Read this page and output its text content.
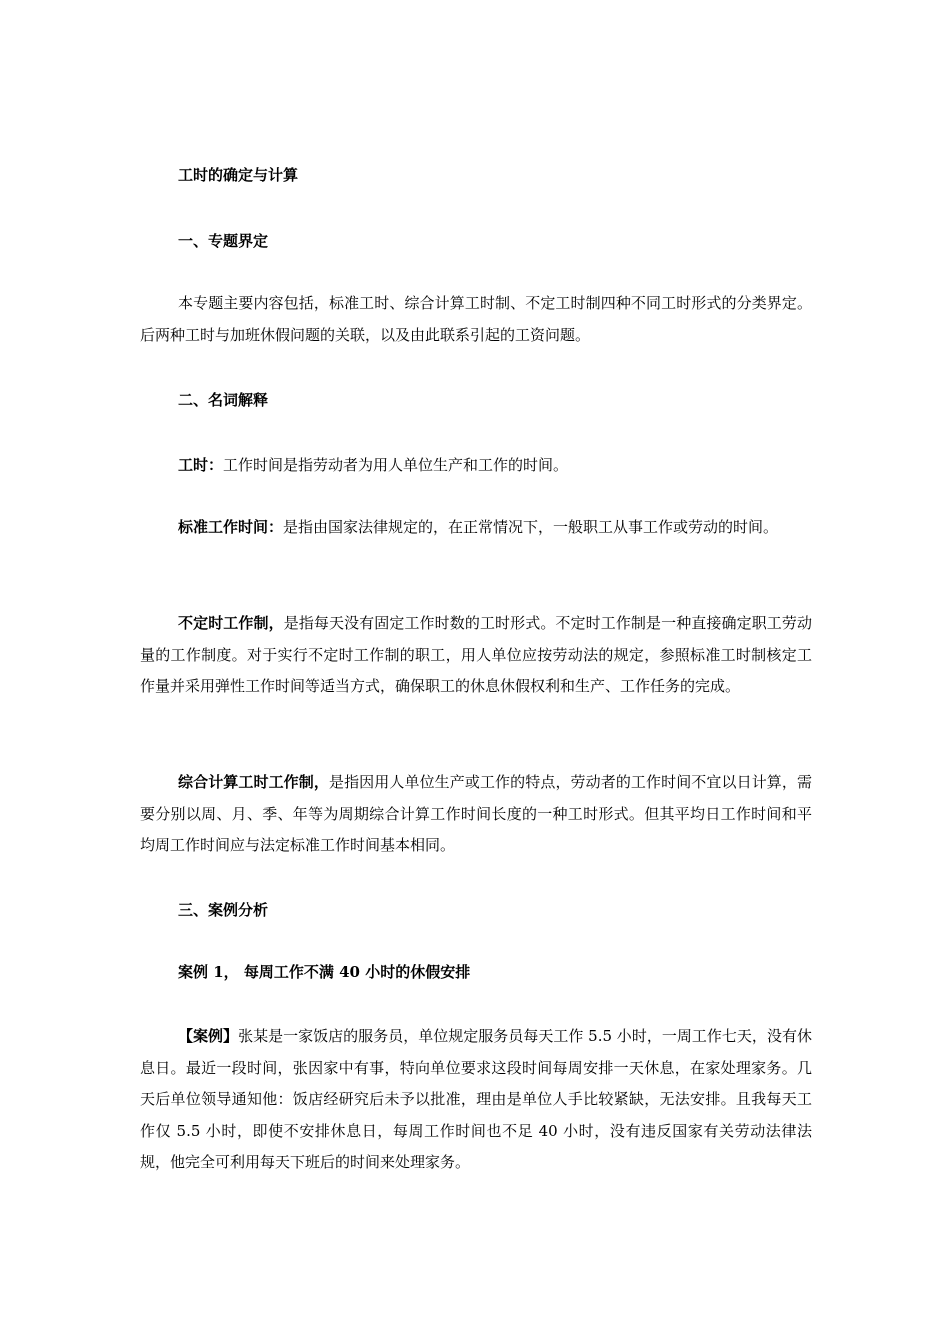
工时的确定与计算

一、专题界定

本专题主要内容包括，标准工时、综合计算工时制、不定工时制四种不同工时形式的分类界定。后两种工时与加班休假问题的关联，以及由此联系引起的工资问题。

二、名词解释

工时：工作时间是指劳动者为用人单位生产和工作的时间。

标准工作时间：是指由国家法律规定的，在正常情况下，一般职工从事工作或劳动的时间。

不定时工作制，是指每天没有固定工作时数的工时形式。不定时工作制是一种直接确定职工劳动量的工作制度。对于实行不定时工作制的职工，用人单位应按劳动法的规定，参照标准工时制核定工作量并采用弹性工作时间等适当方式，确保职工的休息休假权利和生产、工作任务的完成。

综合计算工时工作制，是指因用人单位生产或工作的特点，劳动者的工作时间不宜以日计算，需要分别以周、月、季、年等为周期综合计算工作时间长度的一种工时形式。但其平均日工作时间和平均周工作时间应与法定标准工作时间基本相同。

三、案例分析

案例 1， 每周工作不满 40 小时的休假安排

【案例】张某是一家饭店的服务员，单位规定服务员每天工作 5.5 小时，一周工作七天，没有休息日。最近一段时间，张因家中有事，特向单位要求这段时间每周安排一天休息，在家处理家务。几天后单位领导通知他：饭店经研究后未予以批准，理由是单位人手比较紧缺，无法安排。且我每天工作仅 5.5 小时，即使不安排休息日，每周工作时间也不足 40 小时，没有违反国家有关劳动法律法规，他完全可利用每天下班后的时间来处理家务。
